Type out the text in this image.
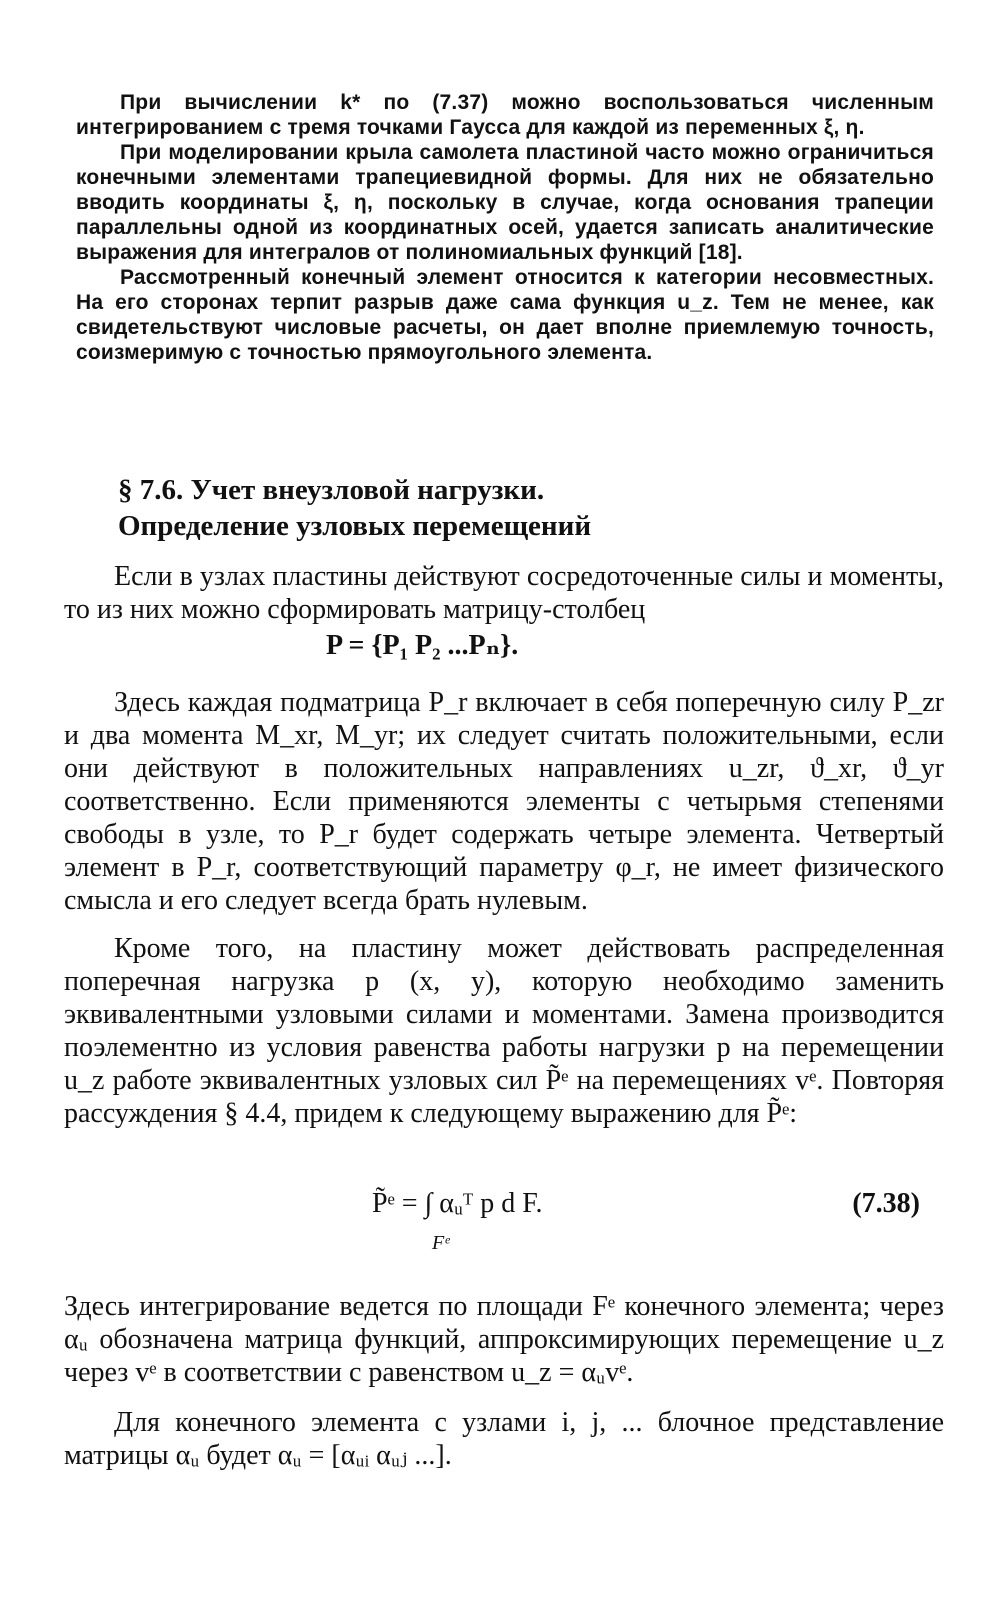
При вычислении k* по (7.37) можно воспользоваться численным интегрированием с тремя точками Гаусса для каждой из переменных ξ, η.

При моделировании крыла самолета пластиной часто можно ограничиться конечными элементами трапециевидной формы. Для них не обязательно вводить координаты ξ, η, поскольку в случае, когда основания трапеции параллельны одной из координатных осей, удается записать аналитические выражения для интегралов от полиномиальных функций [18].

Рассмотренный конечный элемент относится к категории несовместных. На его сторонах терпит разрыв даже сама функция u_z. Тем не менее, как свидетельствуют числовые расчеты, он дает вполне приемлемую точность, соизмеримую с точностью прямоугольного элемента.

§ 7.6. Учет внеузловой нагрузки.
Определение узловых перемещений

Если в узлах пластины действуют сосредоточенные силы и моменты, то из них можно сформировать матрицу-столбец

P = {P₁ P₂ ...Pₙ}.

Здесь каждая подматрица P_r включает в себя поперечную силу P_zr и два момента M_xr, M_yr; их следует считать положительными, если они действуют в положительных направлениях u_zr, ϑ_xr, ϑ_yr соответственно. Если применяются элементы с четырьмя степенями свободы в узле, то P_r будет содержать четыре элемента. Четвертый элемент в P_r, соответствующий параметру φ_r, не имеет физического смысла и его следует всегда брать нулевым.

Кроме того, на пластину может действовать распределенная поперечная нагрузка p (x, y), которую необходимо заменить эквивалентными узловыми силами и моментами. Замена производится поэлементно из условия равенства работы нагрузки p на перемещении u_z работе эквивалентных узловых сил P̃ᵉ на перемещениях vᵉ. Повторяя рассуждения § 4.4, придем к следующему выражению для P̃ᵉ:

P̃ᵉ = ∫ αᵤᵀ p d F.
Fᵉ
(7.38)

Здесь интегрирование ведется по площади Fᵉ конечного элемента; через αᵤ обозначена матрица функций, аппроксимирующих перемещение u_z через vᵉ в соответствии с равенством u_z = αᵤvᵉ.

Для конечного элемента с узлами i, j, ... блочное представление матрицы αᵤ будет αᵤ = [αᵤᵢ αᵤⱼ ...].
